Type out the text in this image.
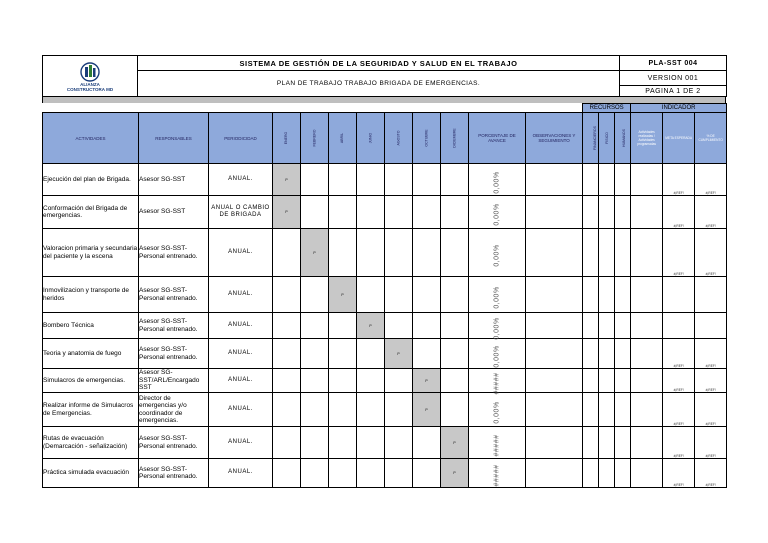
ALIANZA
CONSTRUCTORA MD	SISTEMA DE GESTIÓN DE LA SEGURIDAD Y SALUD EN EL TRABAJO	PLA-SST 004
	PLAN DE TRABAJO TRABAJO BRIGADA DE EMERGENCIAS.	VERSION 001
		PAGINA 1 DE 2
												RECURSOS			INDICADOR		
ACTIVIDADES	RESPONSABLES	PERIODICIDAD	ENERO	FEBRERO	ABRIL	JUNIO	AGOSTO	OCTUBRE	DICIEMBRE	PORCENTAJE DE AVANCE	OBSERVACIONES Y SEGUIMIENTO	FINANCIEROS	FISICO	HUMANOS	Actividades realizadas / Actividades programadas	META ESPERADA	% DE CUMPLIMIENTO
Ejecución del plan de Brigada.	Asesor SG-SST	ANUAL.	P							0,00%						#¡REF!	#¡REF!
Conformación del Brigada de emergencias.	Asesor SG-SST	ANUAL O CAMBIO DE BRIGADA	P							0,00%						#¡REF!	#¡REF!
Valoracion primaria y secundaria del paciente y la escena	Asesor SG-SST-Personal entrenado.	ANUAL.		P						0,00%						#¡REF!	#¡REF!
Inmovilizacion y transporte de heridos	Asesor SG-SST-Personal entrenado.	ANUAL.			P					0,00%							
Bombero Técnica	Asesor SG-SST-Personal entrenado.	ANUAL.				P				0,00%							
Teoria y anatomia de fuego	Asesor SG-SST-Personal entrenado.	ANUAL.					P			0,00%						#¡REF!	#¡REF!
Simulacros de emergencias.	Asesor SG-SST/ARL/Encargado SST	ANUAL.						P		#####						#¡REF!	#¡REF!
Realizar informe de Simulacros de Emergencias.	Director de emergencias y/o coordinador de emergencias.	ANUAL.						P		0,00%						#¡REF!	#¡REF!
Rutas de evacuación (Demarcación - señalización)	Asesor SG-SST-Personal entrenado.	ANUAL.							P	#####						#¡REF!	#¡REF!
Práctica simulada evacuación	Asesor SG-SST-Personal entrenado.	ANUAL.							P	#####						#¡REF!	#¡REF!
